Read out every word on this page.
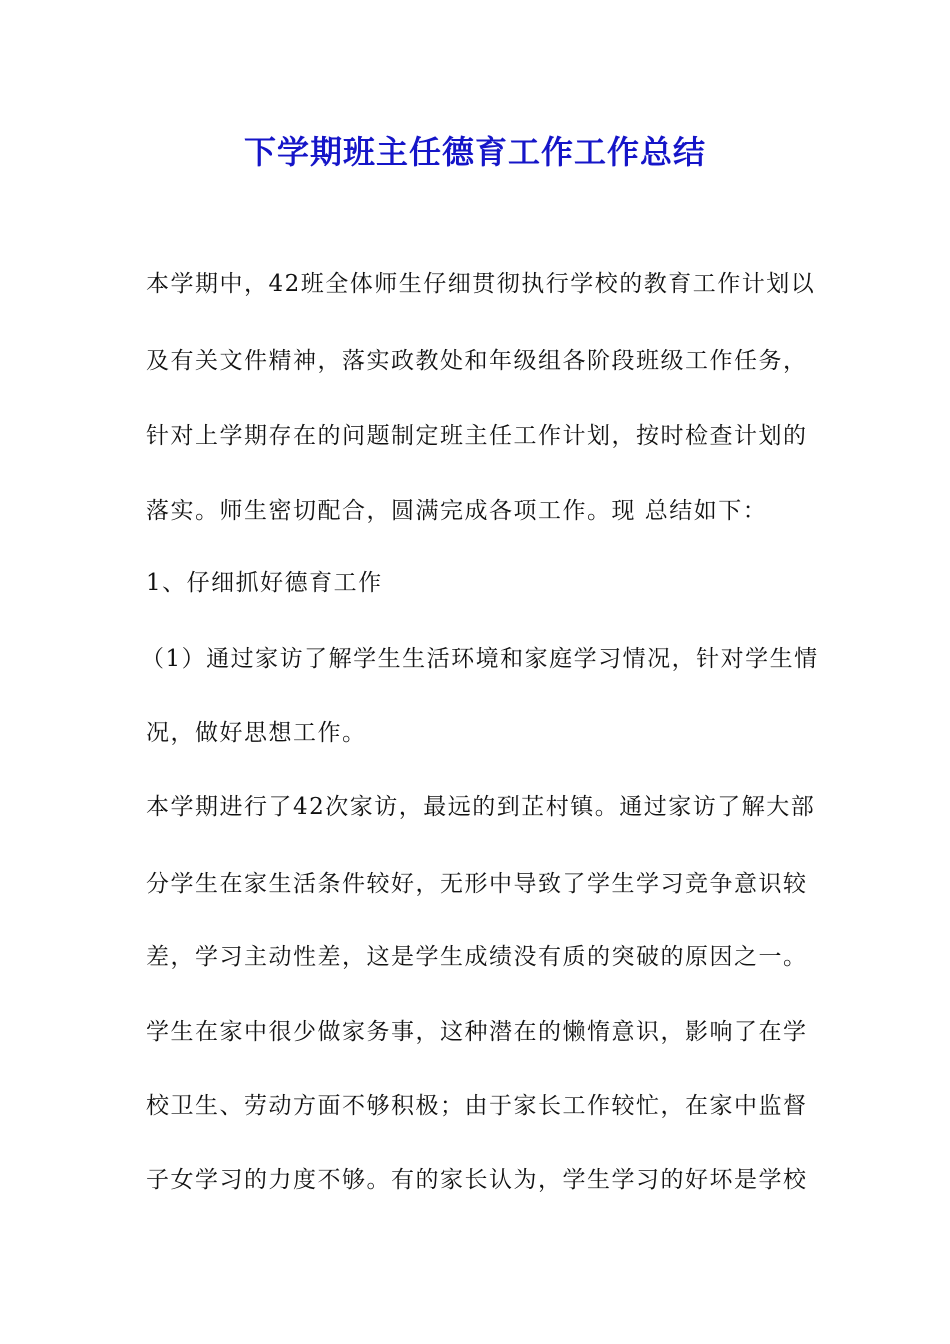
下学期班主任德育工作工作总结
本学期中，42班全体师生仔细贯彻执行学校的教育工作计划以
及有关文件精神，落实政教处和年级组各阶段班级工作任务，
针对上学期存在的问题制定班主任工作计划，按时检查计划的
落实。师生密切配合，圆满完成各项工作。现 总结如下：
1、仔细抓好德育工作
（1）通过家访了解学生生活环境和家庭学习情况，针对学生情
况，做好思想工作。
本学期进行了42次家访，最远的到芷村镇。通过家访了解大部
分学生在家生活条件较好，无形中导致了学生学习竞争意识较
差，学习主动性差，这是学生成绩没有质的突破的原因之一。
学生在家中很少做家务事，这种潜在的懒惰意识，影响了在学
校卫生、劳动方面不够积极；由于家长工作较忙，在家中监督
子女学习的力度不够。有的家长认为，学生学习的好坏是学校
